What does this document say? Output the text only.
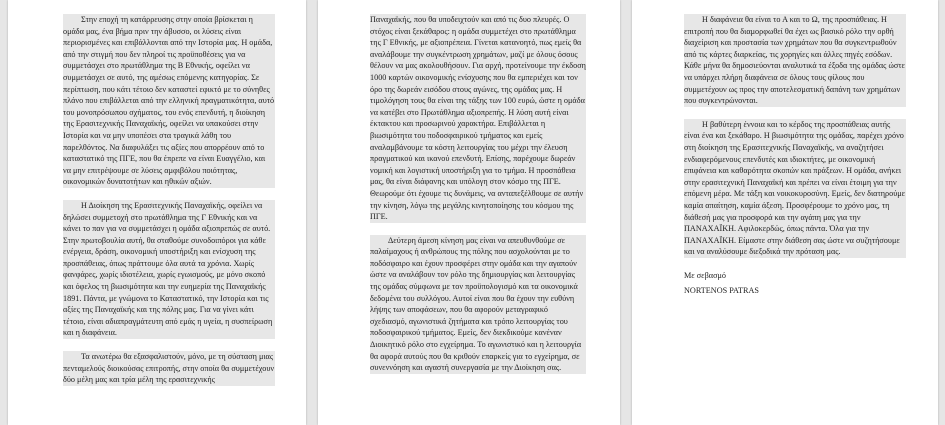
Στην εποχή τη κατάρρευσης στην οποία βρίσκεται η ομάδα μας, ένα βήμα πριν την άβυσσο, οι λύσεις είναι περιορισμένες και επιβάλλονται από την Ιστορία μας. Η ομάδα, από την στιγμή που δεν πληροί τις προϋποθέσεις για να συμμετάσχει στο πρωτάθλημα της Β Εθνικής, οφείλει να συμμετάσχει σε αυτό, της αμέσως επόμενης κατηγορίας. Σε περίπτωση, που κάτι τέτοιο δεν καταστεί εφικτό με το σύνηθες πλάνο που επιβάλλεται από την ελληνική πραγματικότητα, αυτό του μονοπρόσωπου σχήματος, του ενός επενδυτή, η διοίκηση της Ερασιτεχνικής Παναχαϊκής, οφείλει να υπακούσει στην Ιστορία και να μην υποπέσει στα τραγικά λάθη του παρελθόντος. Να διαφυλάξει τις αξίες που απορρέουν από το καταστατικό της ΠΓΕ, που θα έπρεπε να είναι Ευαγγέλιο, και να μην επιτρέψουμε σε λύσεις αμφιβόλου ποιότητας, οικονομικών δυνατοτήτων και ηθικών αξιών.

Η Διοίκηση της Ερασιτεχνικής Παναχαϊκής, οφείλει να δηλώσει συμμετοχή στο πρωτάθλημα της Γ Εθνικής και να κάνει το παν για να συμμετάσχει η ομάδα αξιοπρεπώς σε αυτό. Στην πρωτοβουλία αυτή, θα σταθούμε συνοδοιπόροι για κάθε ενέργεια, δράση, οικονομική υποστήριξη και ενίσχυση της προσπάθειας, όπως πράττουμε όλα αυτά τα χρόνια. Χωρίς φανφάρες, χωρίς ιδιοτέλεια, χωρίς εγωισμούς, με μόνο σκοπό και όφελος τη βιωσιμότητα και την ευημερία της Παναχαϊκής 1891. Πάντα, με γνώμονα το Καταστατικό, την Ιστορία και τις αξίες της Παναχαϊκής και της πόλης μας. Για να γίνει κάτι τέτοιο, είναι αδιαπραγμάτευτη από εμάς η υγεία, η συσπείρωση και η διαφάνεια.

Τα ανωτέρω θα εξασφαλιστούν, μόνο, με τη σύσταση μιας πενταμελούς διοικούσας επιτροπής, στην οποία θα συμμετέχουν δύο μέλη μας και τρία μέλη της ερασιτεχνικής

Παναχαϊκής, που θα υποδειχτούν και από τις δυο πλευρές. Ο στόχος είναι ξεκάθαρος: η ομάδα συμμετέχει στο πρωτάθλημα της Γ Εθνικής, με αξιοπρέπεια. Γίνεται κατανοητό, πως εμείς θα αναλάβουμε την συγκέντρωση χρημάτων, μαζί με όλους όσους θέλουν να μας ακολουθήσουν. Για αρχή, προτείνουμε την έκδοση 1000 καρτών οικονομικής ενίσχυσης που θα εμπεριέχει και τον όρο της δωρεάν εισόδου στους αγώνες, της ομάδας μας. Η τιμολόγηση τους θα είναι της τάξης των 100 ευρώ, ώστε η ομάδα να κατέβει στο Πρωτάθλημα αξιοπρεπής. Η λύση αυτή είναι έκτακτου και προσωρινού χαρακτήρα. Επιβάλλεται η βιωσιμότητα του ποδοσφαιρικού τμήματος και εμείς αναλαμβάνουμε τα κόστη λειτουργίας του μέχρι την έλευση πραγματικού και ικανού επενδυτή. Επίσης, παρέχουμε δωρεάν νομική και λογιστική υποστήριξη για το τμήμα. Η προσπάθεια μας, θα είναι διάφανης και υπόλογη στον κόσμο της ΠΓΕ. Θεωρούμε ότι έχουμε τις δυνάμεις, να ανταπεξέλθουμε σε αυτήν την κίνηση, λόγω της μεγάλης κινητοποίησης του κόσμου της ΠΓΕ.

Δεύτερη άμεση κίνηση μας είναι να απευθυνθούμε σε παλαίμαχους ή ανθρώπους της πόλης που ασχολούνται με το ποδόσφαιρο και έχουν προσφέρει στην ομάδα και την αγαπούν ώστε να αναλάβουν τον ρόλο της δημιουργίας και λειτουργίας της ομάδας σύμφωνα με τον προϋπολογισμό και τα οικονομικά δεδομένα του συλλόγου. Αυτοί είναι που θα έχουν την ευθύνη λήψης των αποφάσεων, που θα αφορούν μεταγραφικό σχεδιασμό, αγωνιστικά ζητήματα και τρόπο λειτουργίας του ποδοσφαιρικού τμήματος. Εμείς, δεν διεκδικούμε κανέναν Διοικητικό ρόλο στο εγχείρημα. Το αγωνιστικό και η λειτουργία θα αφορά αυτούς που θα κριθούν επαρκείς για το εγχείρημα, σε συνεννόηση και αγαστή συνεργασία με την Διοίκηση σας.

Η διαφάνεια θα είναι το Α και το Ω, της προσπάθειας. Η επιτροπή που θα διαμορφωθεί θα έχει ως βασικό ρόλο την ορθή διαχείριση και προστασία των χρημάτων που θα συγκεντρωθούν από τις κάρτες διαρκείας, τις χορηγίες και άλλες πηγές εσόδων. Κάθε μήνα θα δημοσιεύονται αναλυτικά τα έξοδα της ομάδας ώστε να υπάρχει πλήρη διαφάνεια σε όλους τους φίλους που συμμετέχουν ως προς την αποτελεσματική δαπάνη των χρημάτων που συγκεντρώνονται.

Η βαθύτερη έννοια και το κέρδος της προσπάθειας αυτής είναι ένα και ξεκάθαρο. Η βιωσιμότητα της ομάδας, παρέχει χρόνο στη διοίκηση της Ερασιτεχνικής Παναχαϊκής, να αναζητήσει ενδιαφερόμενους επενδυτές και ιδιοκτήτες, με οικονομική επιφάνεια και καθαρότητα σκοπών και πράξεων. Η ομάδα, ανήκει στην ερασιτεχνική Παναχαϊκή και πρέπει να είναι έτοιμη για την επόμενη μέρα. Με τάξη και νοικοκυροσύνη. Εμείς, δεν διατηρούμε καμία απαίτηση, καμία άξεση. Προσφέρουμε το χρόνο μας, τη διάθεσή μας για προσφορά και την αγάπη μας για την ΠΑΝΑΧΑΪΚΗ. Αφιλοκερδώς, όπως πάντα. Όλα για την ΠΑΝΑΧΑΪΚΗ. Είμαστε στην διάθεση σας ώστε να συζητήσουμε και να αναλύσουμε διεξοδικά την πρόταση μας.

Με σεβασμό

NORTENOS PATRAS
